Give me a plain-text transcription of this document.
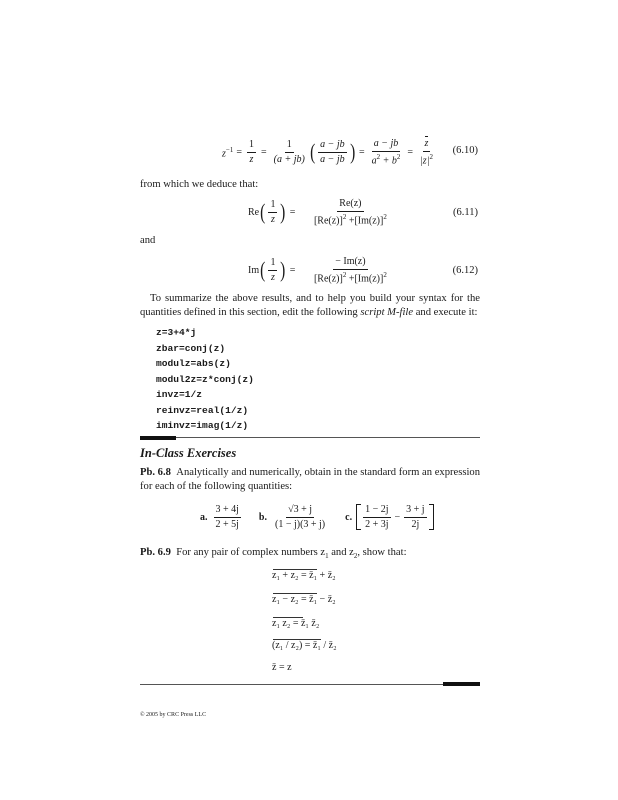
$z^{-1} = \frac{1}{z} = \frac{1}{(a + jb)}$ ( $\frac{a - jb}{a - jb}$ ) = $\frac{a - jb}{a^2 + b^2} = \frac{z}{|z|^2} (6.10)$
from which we deduce that:
Re ( $\frac{1}{z}$ ) = $\frac{Re(z)}{[Re(z)]^2 +[Im(z)]^2}$	(6.11)
and
Im ( $\frac{1}{z}$ ) = $\frac{- Im(z)}{[Re(z)]^2 +[Im(z)]^2}$	(6.12)
To summarize the above results, and to help you build your syntax for the quantities defined in this section, edit the following script M-file and execute it:
z=3+4*j
zbar=conj(z)
modulz=abs(z)
modul2z=z*conj(z)
invz=1/z
reinvz=real(1/z)
iminvz=imag(1/z)
In-Class Exercises
Pb. 6.8 Analytically and numerically, obtain in the standard form an expression for each of the following quantities:
a. $\frac{3 + 4j}{2 + 5j} b$. $\frac{√3 + j}{(1 - j)(3 + j)} c$. $\frac{1 - 2j}{2 + 3j} - \frac{3 + j}{2j}$
Pb. 6.9 For any pair of complex numbers $z_1$ and $z_2$, show that:
z₁ + z₂ = z̄₁ + z̄₂
z₁ − z₂ = z̄₁ − z̄₂
z₁ z₂ = z̄₁ z̄₂
(z₁ / z₂) = z̄₁ / z̄₂
z̄ = z
© 2005 by CRC Press LLC
